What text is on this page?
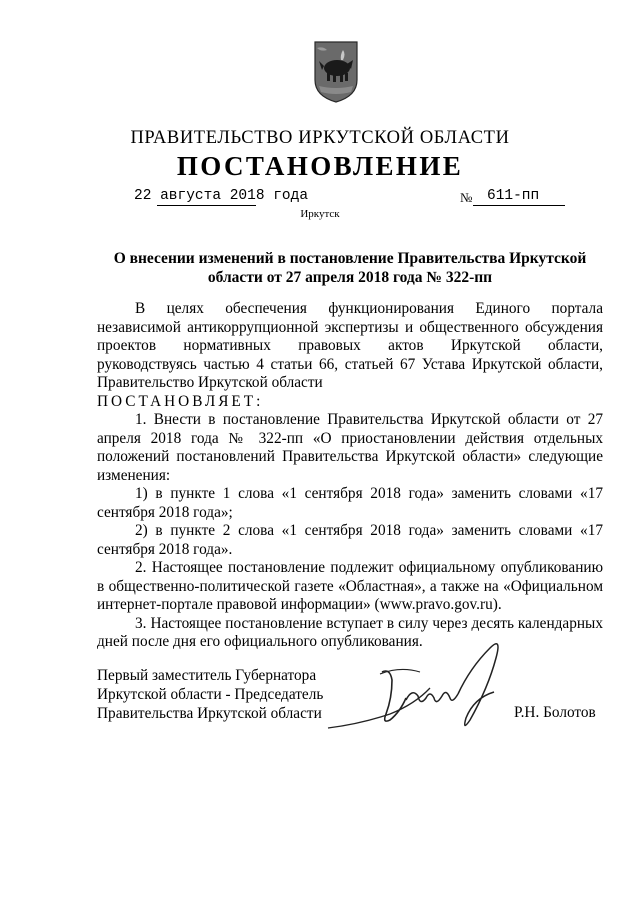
ПРАВИТЕЛЬСТВО ИРКУТСКОЙ ОБЛАСТИ
ПОСТАНОВЛЕНИЕ
22 августа 2018 года	№ 611-пп
Иркутск
О внесении изменений в постановление Правительства Иркутской
области от 27 апреля 2018 года № 322-пп

В целях обеспечения функционирования Единого портала

независимой антикоррупционной экспертизы и общественного обсуждения

проектов нормативных правовых актов Иркутской области,

руководствуясь частью 4 статьи 66, статьей 67 Устава Иркутской области,

Правительство Иркутской области

ПОСТАНОВЛЯЕТ:

1. Внести в постановление Правительства Иркутской области от 27 апреля 2018 года № 322-пп «О приостановлении действия отдельных положений постановлений Правительства Иркутской области» следующие изменения:

1) в пункте 1 слова «1 сентября 2018 года» заменить словами «17 сентября 2018 года»;

2) в пункте 2 слова «1 сентября 2018 года» заменить словами «17 сентября 2018 года».

2. Настоящее постановление подлежит официальному опубликованию в общественно-политической газете «Областная», а также на «Официальном интернет-портале правовой информации» (www.pravo.gov.ru).

3. Настоящее постановление вступает в силу через десять календарных дней после дня его официального опубликования.

Первый заместитель Губернатора
Иркутской области - Председатель
Правительства Иркутской области	Р.Н. Болотов
